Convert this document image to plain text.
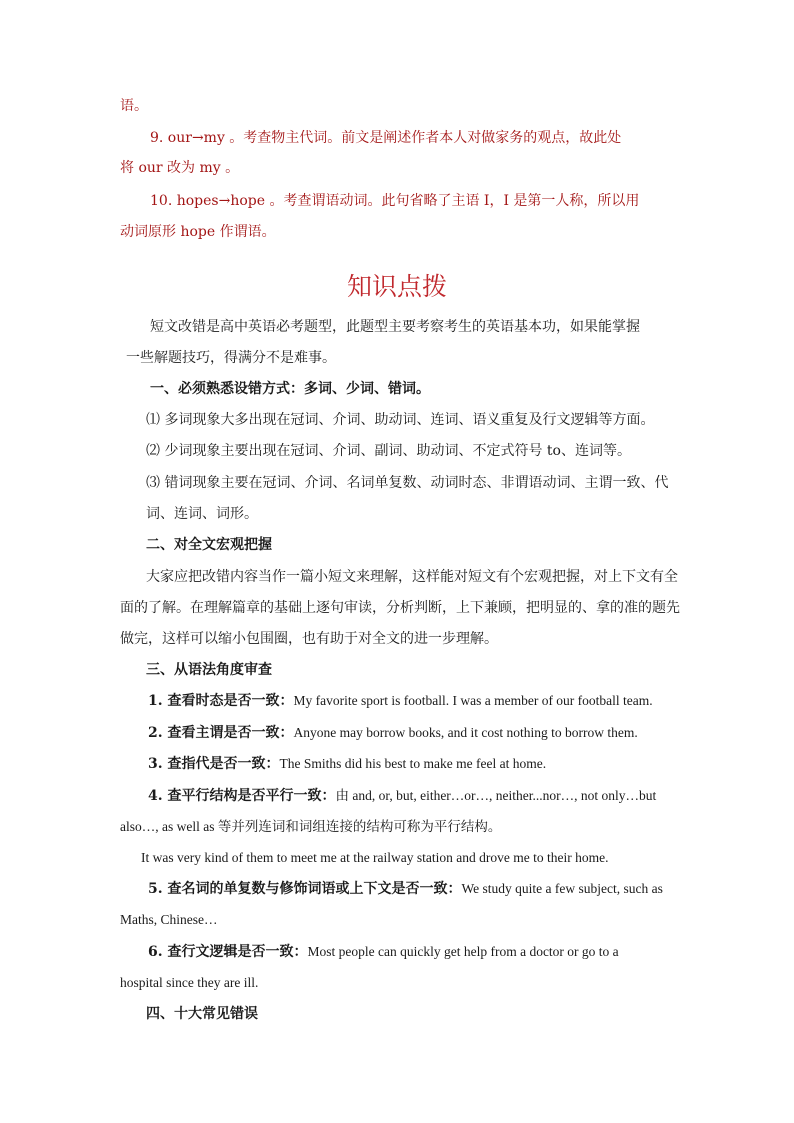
语。
9. our→my 。考查物主代词。前文是阐述作者本人对做家务的观点，故此处
将 our 改为 my 。
10. hopes→hope 。考查谓语动词。此句省略了主语 I，I 是第一人称，所以用
动词原形 hope 作谓语。
知识点拨
短文改错是高中英语必考题型，此题型主要考察考生的英语基本功，如果能掌握
一些解题技巧，得满分不是难事。
一、必须熟悉设错方式：多词、少词、错词。
⑴ 多词现象大多出现在冠词、介词、助动词、连词、语义重复及行文逻辑等方面。
⑵ 少词现象主要出现在冠词、介词、副词、助动词、不定式符号 to、连词等。
⑶ 错词现象主要在冠词、介词、名词单复数、动词时态、非谓语动词、主谓一致、代
词、连词、词形。
二、对全文宏观把握
大家应把改错内容当作一篇小短文来理解，这样能对短文有个宏观把握，对上下文有全
面的了解。在理解篇章的基础上逐句审读，分析判断，上下兼顾，把明显的、拿的准的题先
做完，这样可以缩小包围圈，也有助于对全文的进一步理解。
三、从语法角度审查
1. 查看时态是否一致：My favorite sport is football. I was a member of our football team.
2. 查看主谓是否一致：Anyone may borrow books, and it cost nothing to borrow them.
3. 查指代是否一致：The Smiths did his best to make me feel at home.
4. 查平行结构是否平行一致：由 and, or, but, either…or…, neither...nor…, not only…but
also…, as well as 等并列连词和词组连接的结构可称为平行结构。
It was very kind of them to meet me at the railway station and drove me to their home.
5. 查名词的单复数与修饰词语或上下文是否一致：We study quite a few subject, such as
Maths, Chinese…
6. 查行文逻辑是否一致：Most people can quickly get help from a doctor or go to a
hospital since they are ill.
四、十大常见错误
